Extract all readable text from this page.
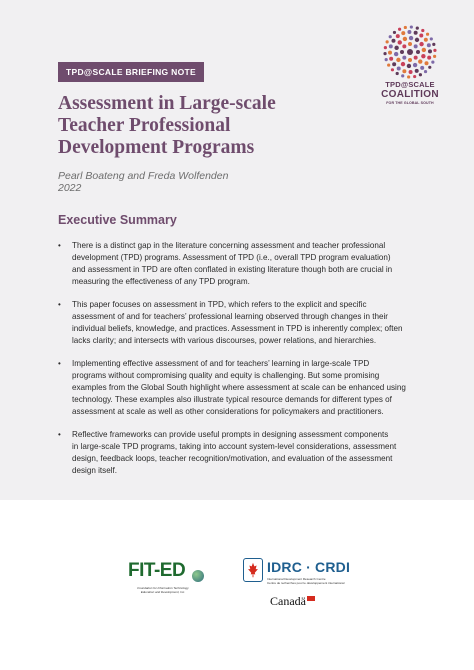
TPD@SCALE BRIEFING NOTE
TPD@SCALE
COALITION
FOR THE GLOBAL SOUTH
Assessment in Large-scale
Teacher Professional
Development Programs
Pearl Boateng and Freda Wolfenden
2022
Executive Summary
• There is a distinct gap in the literature concerning assessment and teacher professional
development (TPD) programs. Assessment of TPD (i.e., overall TPD program evaluation)
and assessment in TPD are often conflated in existing literature though both are crucial in
measuring the effectiveness of any TPD program.
• This paper focuses on assessment in TPD, which refers to the explicit and specific
assessment of and for teachers’ professional learning observed through changes in their
individual beliefs, knowledge, and practices. Assessment in TPD is inherently complex; often
lacks clarity; and intersects with various discourses, power relations, and hierarchies.
• Implementing effective assessment of and for teachers’ learning in large-scale TPD
programs without compromising quality and equity is challenging. But some promising
examples from the Global South highlight where assessment at scale can be enhanced using
technology. These examples also illustrate typical resource demands for different types of
assessment at scale as well as other considerations for policymakers and practitioners.
• Reflective frameworks can provide useful prompts in designing assessment components
in large-scale TPD programs, taking into account system-level considerations, assessment
design, feedback loops, teacher recognition/motivation, and evaluation of the assessment
design itself.
FIT-ED
Foundation for Information Technology
Education and Development, Inc.
IDRC · CRDI
International Development Research Centre
Centre de recherches pour le développement international
Canadä
